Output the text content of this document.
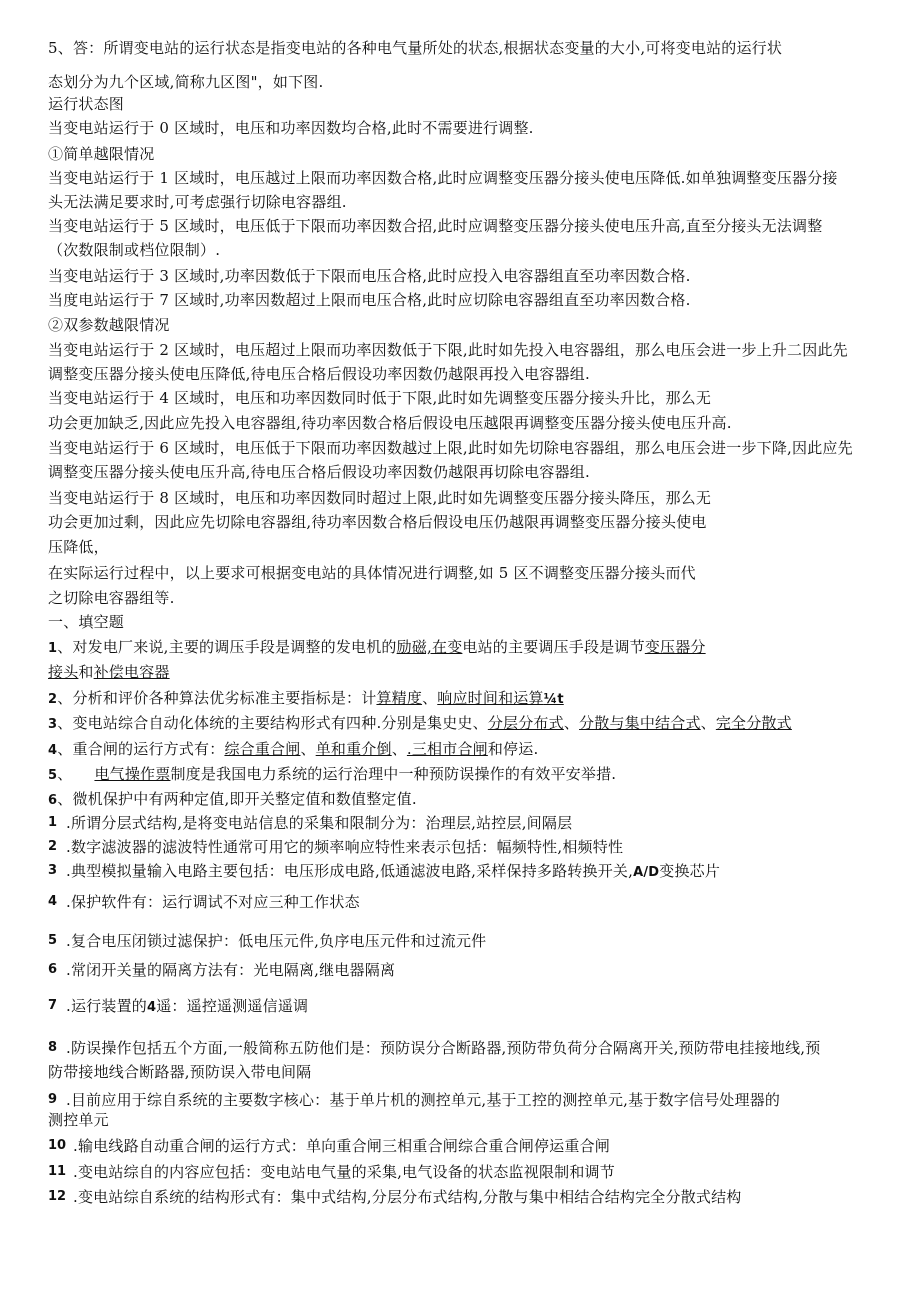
5、答：所谓变电站的运行状态是指变电站的各种电气量所处的状态,根据状态变量的大小,可将变电站的运行状
态划分为九个区域,简称九区图"，如下图.
运行状态图
当变电站运行于 0 区域时，电压和功率因数均合格,此时不需要进行调整.
①简单越限情况
当变电站运行于 1 区域时，电压越过上限而功率因数合格,此时应调整变压器分接头使电压降低.如单独调整变压器分接
头无法满足要求时,可考虑强行切除电容器组.
当变电站运行于 5 区域时，电压低于下限而功率因数合招,此时应调整变压器分接头使电压升高,直至分接头无法调整
（次数限制或档位限制）.
当变电站运行于 3 区域时,功率因数低于下限而电压合格,此时应投入电容器组直至功率因数合格.
当度电站运行于 7 区域时,功率因数超过上限而电压合格,此时应切除电容器组直至功率因数合格.
②双参数越限情况
当变电站运行于 2 区域时，电压超过上限而功率因数低于下限,此时如先投入电容器组，那么电压会进一步上升二因此先
调整变压器分接头使电压降低,待电压合格后假设功率因数仍越限再投入电容器组.
当变电站运行于 4 区域时，电压和功率因数同时低于下限,此时如先调整变压器分接头升比，那么无
功会更加缺乏,因此应先投入电容器组,待功率因数合格后假设电压越限再调整变压器分接头使电压升高.
当变电站运行于 6 区域时，电压低于下限而功率因数越过上限,此时如先切除电容器组，那么电压会进一步下降,因此应先
调整变压器分接头使电压升高,待电压合格后假设功率因数仍越限再切除电容器组.
当变电站运行于 8 区域时，电压和功率因数同时超过上限,此时如先调整变压器分接头降压，那么无
功会更加过剩，因此应先切除电容器组,待功率因数合格后假设电压仍越限再调整变压器分接头使电
压降低，
在实际运行过程中，以上要求可根据变电站的具体情况进行调整,如 5 区不调整变压器分接头而代
之切除电容器组等.
一、填空题
1、对发电厂来说,主要的调压手段是调整的发电机的励磁,在变电站的主要调压手段是调节变压器分
接头和补偿电容器
2、分析和评价各种算法优劣标准主要指标是：计算精度、响应时间和运算¼t
3、变电站综合自动化体统的主要结构形式有四种.分别是集史史、分层分布式、分散与集中结合式、完全分散式
4、重合闸的运行方式有：综合重合闸、单和重介倒、.三相市合闸和停运.
5、 电气操作票制度是我国电力系统的运行治理中一种预防误操作的有效平安举措.
6、微机保护中有两种定值,即开关整定值和数值整定值.
1 .所谓分层式结构,是将变电站信息的采集和限制分为：治理层,站控层,间隔层
2 .数字滤波器的滤波特性通常可用它的频率响应特性来表示包括：幅频特性,相频特性
3 .典型模拟量输入电路主要包括：电压形成电路,低通滤波电路,采样保持多路转换开关,A/D变换芯片
4 .保护软件有：运行调试不对应三种工作状态
5 .复合电压闭锁过滤保护：低电压元件,负序电压元件和过流元件
6 .常闭开关量的隔离方法有：光电隔离,继电器隔离
7 .运行装置的4遥：遥控遥测遥信遥调
8 .防误操作包括五个方面,一般简称五防他们是：预防误分合断路器,预防带负荷分合隔离开关,预防带电挂接地线,预
防带接地线合断路器,预防误入带电间隔
9 .目前应用于综自系统的主要数字核心：基于单片机的测控单元,基于工控的测控单元,基于数字信号处理器的
测控单元
10 .输电线路自动重合闸的运行方式：单向重合闸三相重合闸综合重合闸停运重合闸
11 .变电站综自的内容应包括：变电站电气量的采集,电气设备的状态监视限制和调节
12 .变电站综自系统的结构形式有：集中式结构,分层分布式结构,分散与集中相结合结构完全分散式结构
